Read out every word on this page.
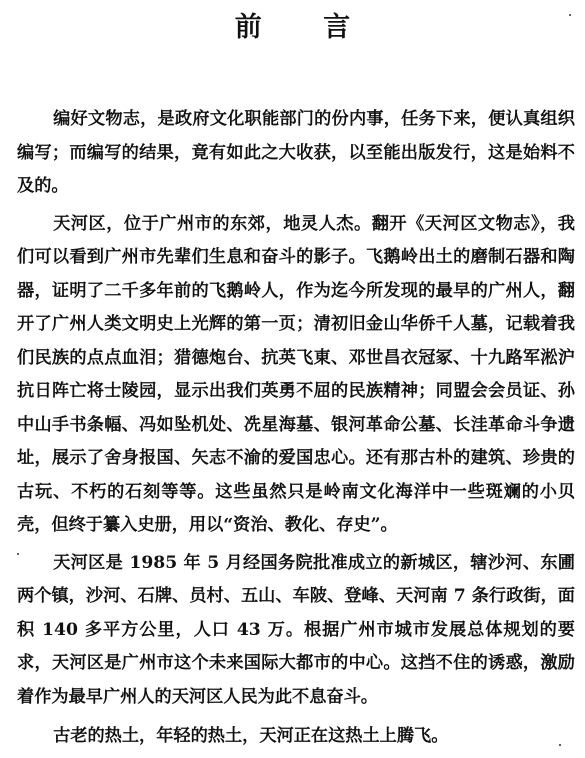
前 言

编好文物志，是政府文化职能部门的份内事，任务下来，便认真组织编写；而编写的结果，竟有如此之大收获，以至能出版发行，这是始料不及的。

天河区，位于广州市的东郊，地灵人杰。翻开《天河区文物志》，我们可以看到广州市先辈们生息和奋斗的影子。飞鹅岭出土的磨制石器和陶器，证明了二千多年前的飞鹅岭人，作为迄今所发现的最早的广州人，翻开了广州人类文明史上光辉的第一页；清初旧金山华侨千人墓，记载着我们民族的点点血泪；猎德炮台、抗英飞東、邓世昌衣冠冢、十九路军淞沪抗日阵亡将士陵园，显示出我们英勇不屈的民族精神；同盟会会员证、孙中山手书条幅、冯如坠机处、冼星海墓、银河革命公墓、长洼革命斗争遗址，展示了舍身报国、矢志不渝的爱国忠心。还有那古朴的建筑、珍贵的古玩、不朽的石刻等等。这些虽然只是岭南文化海洋中一些斑斓的小贝壳，但终于纂入史册，用以“资治、教化、存史”。

天河区是 1985 年 5 月经国务院批准成立的新城区，辖沙河、东圃两个镇，沙河、石牌、员村、五山、车陂、登峰、天河南 7 条行政街，面积 140 多平方公里，人口 43 万。根据广州市城市发展总体规划的要求，天河区是广州市这个未来国际大都市的中心。这挡不住的诱惑，激励着作为最早广州人的天河区人民为此不息奋斗。

古老的热土，年轻的热土，天河正在这热土上腾飞。
